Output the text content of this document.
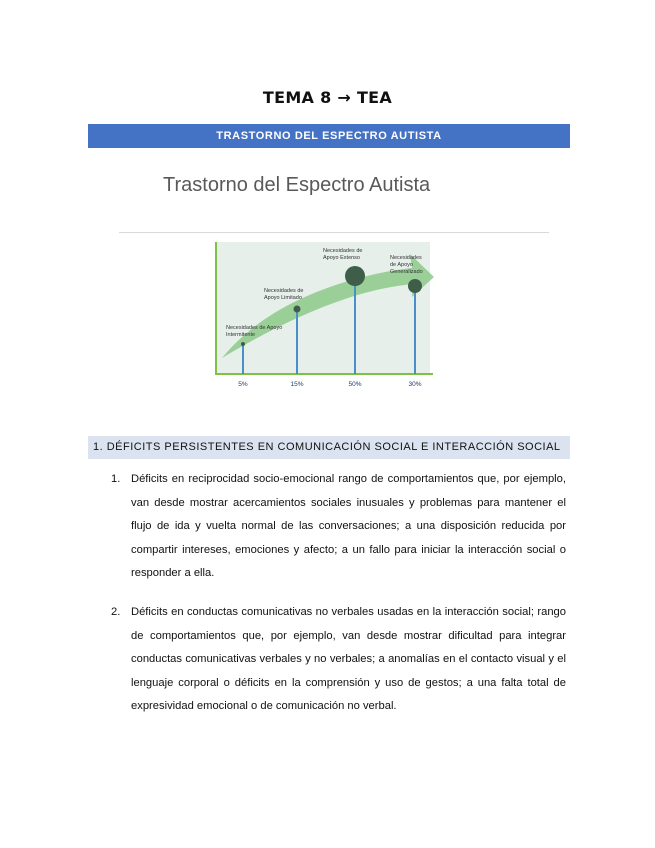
TEMA 8 → TEA
TRASTORNO DEL ESPECTRO AUTISTA
Trastorno del Espectro Autista
Necesidades de Apoyo
Intermitente
5%
Necesidades de
Apoyo Limitado
15%
Necesidades de
Apoyo Extenso
50%
Necesidades
de Apoyo
Generalizado
30%
1. DÉFICITS PERSISTENTES EN COMUNICACIÓN SOCIAL E INTERACCIÓN SOCIAL
1. Déficits en reciprocidad socio-emocional rango de comportamientos que, por ejemplo, van desde mostrar acercamientos sociales inusuales y problemas para mantener el flujo de ida y vuelta normal de las conversaciones; a una disposición reducida por compartir intereses, emociones y afecto; a un fallo para iniciar la interacción social o responder a ella.
2. Déficits en conductas comunicativas no verbales usadas en la interacción social; rango de comportamientos que, por ejemplo, van desde mostrar dificultad para integrar conductas comunicativas verbales y no verbales; a anomalías en el contacto visual y el lenguaje corporal o déficits en la comprensión y uso de gestos; a una falta total de expresividad emocional o de comunicación no verbal.
